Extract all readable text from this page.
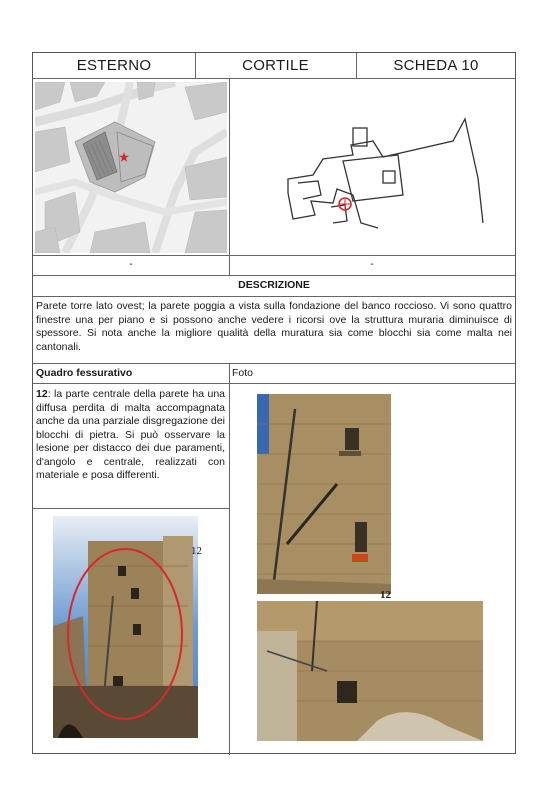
ESTERNO	CORTILE	SCHEDA 10
-	-
DESCRIZIONE
Parete torre lato ovest; la parete poggia a vista sulla fondazione del banco roccioso. Vi sono quattro finestre una per piano e si possono anche vedere i ricorsi ove la struttura muraria diminuisce di spessore. Si nota anche la migliore qualità della muratura sia come blocchi sia come malta nei cantonali.
Quadro fessurativo	Foto
12: la parte centrale della parete ha una diffusa perdita di malta accompagnata anche da una parziale disgregazione dei blocchi di pietra. Si può osservare la lesione per distacco dei due paramenti, d'angolo e centrale, realizzati con materiale e posa differenti.
12
12
